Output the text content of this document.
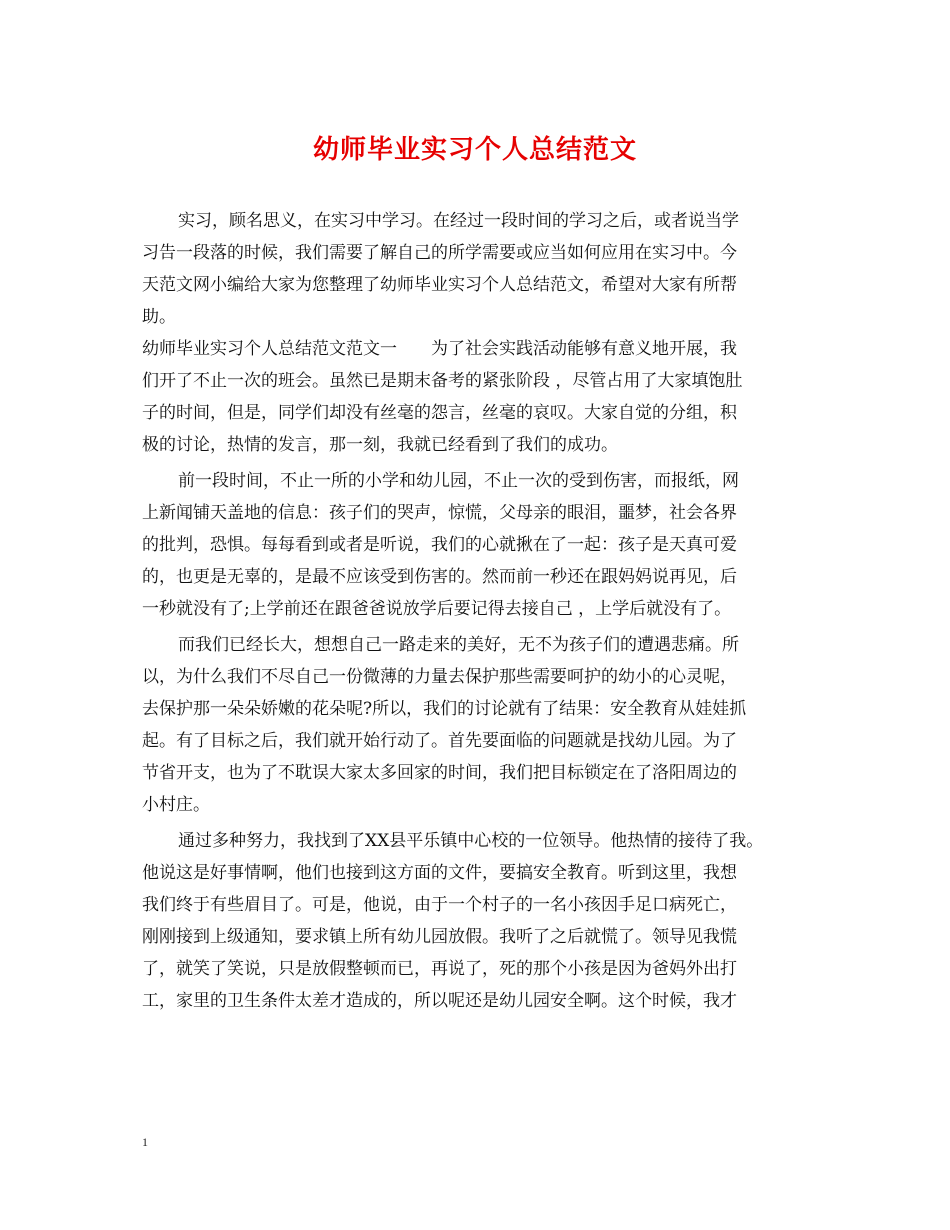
幼师毕业实习个人总结范文
实习，顾名思义，在实习中学习。在经过一段时间的学习之后，或者说当学
习告一段落的时候，我们需要了解自己的所学需要或应当如何应用在实习中。今
天范文网小编给大家为您整理了幼师毕业实习个人总结范文，希望对大家有所帮
助。
幼师毕业实习个人总结范文范文一　　为了社会实践活动能够有意义地开展，我
们开了不止一次的班会。虽然已是期末备考的紧张阶段 ，尽管占用了大家填饱肚
子的时间，但是，同学们却没有丝毫的怨言，丝毫的哀叹。大家自觉的分组，积
极的讨论，热情的发言，那一刻，我就已经看到了我们的成功。
前一段时间，不止一所的小学和幼儿园，不止一次的受到伤害，而报纸，网
上新闻铺天盖地的信息：孩子们的哭声，惊慌，父母亲的眼泪，噩梦，社会各界
的批判，恐惧。每每看到或者是听说，我们的心就揪在了一起：孩子是天真可爱
的，也更是无辜的，是最不应该受到伤害的。然而前一秒还在跟妈妈说再见，后
一秒就没有了;上学前还在跟爸爸说放学后要记得去接自己 ，上学后就没有了。
而我们已经长大，想想自己一路走来的美好，无不为孩子们的遭遇悲痛。所
以，为什么我们不尽自己一份微薄的力量去保护那些需要呵护的幼小的心灵呢，
去保护那一朵朵娇嫩的花朵呢?所以，我们的讨论就有了结果：安全教育从娃娃抓
起。有了目标之后，我们就开始行动了。首先要面临的问题就是找幼儿园。为了
节省开支，也为了不耽误大家太多回家的时间，我们把目标锁定在了洛阳周边的
小村庄。
通过多种努力，我找到了XX县平乐镇中心校的一位领导。他热情的接待了我。
他说这是好事情啊，他们也接到这方面的文件，要搞安全教育。听到这里，我想
我们终于有些眉目了。可是，他说，由于一个村子的一名小孩因手足口病死亡，
刚刚接到上级通知，要求镇上所有幼儿园放假。我听了之后就慌了。领导见我慌
了，就笑了笑说，只是放假整顿而已，再说了，死的那个小孩是因为爸妈外出打
工，家里的卫生条件太差才造成的，所以呢还是幼儿园安全啊。这个时候，我才
1
